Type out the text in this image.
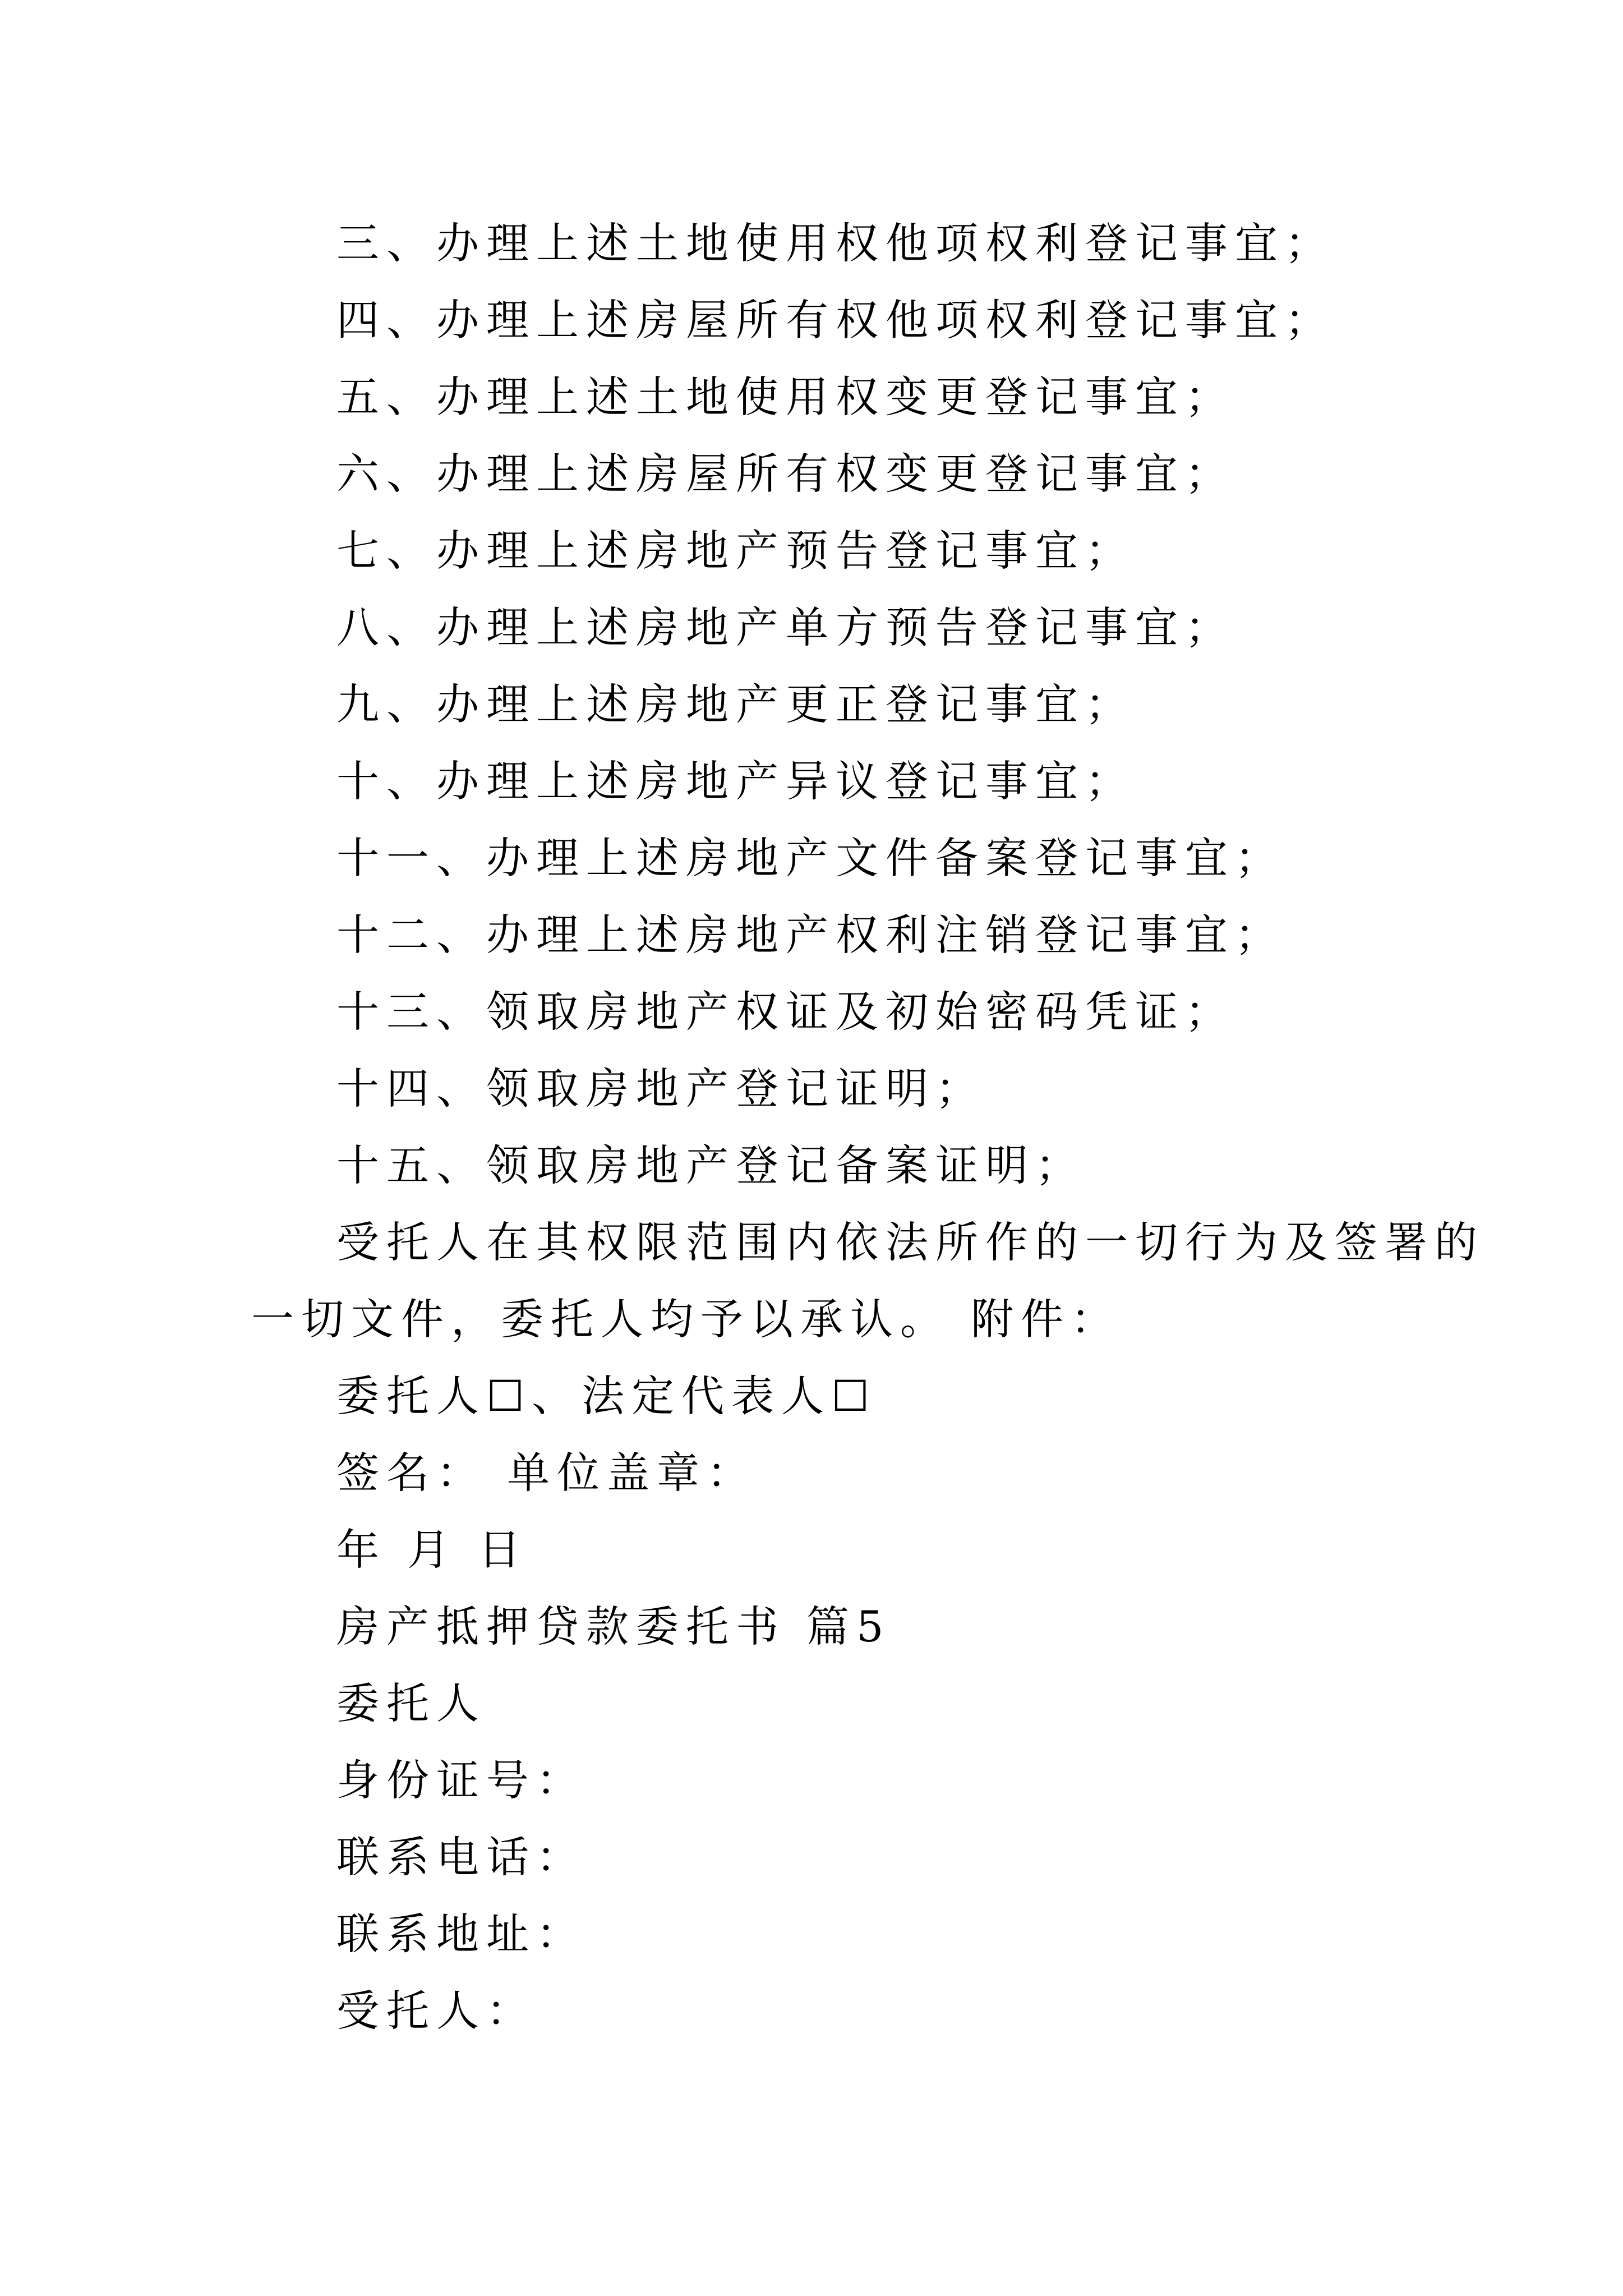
三、办理上述土地使用权他项权利登记事宜；
四、办理上述房屋所有权他项权利登记事宜；
五、办理上述土地使用权变更登记事宜；
六、办理上述房屋所有权变更登记事宜；
七、办理上述房地产预告登记事宜；
八、办理上述房地产单方预告登记事宜；
九、办理上述房地产更正登记事宜；
十、办理上述房地产异议登记事宜；
十一、办理上述房地产文件备案登记事宜；
十二、办理上述房地产权利注销登记事宜；
十三、领取房地产权证及初始密码凭证；
十四、领取房地产登记证明；
十五、领取房地产登记备案证明；
受托人在其权限范围内依法所作的一切行为及签署的
一切文件，委托人均予以承认。 附件：
委托人☐、法定代表人☐
签名： 单位盖章：
年 月 日
房产抵押贷款委托书 篇5
委托人
身份证号：
联系电话：
联系地址：
受托人：
